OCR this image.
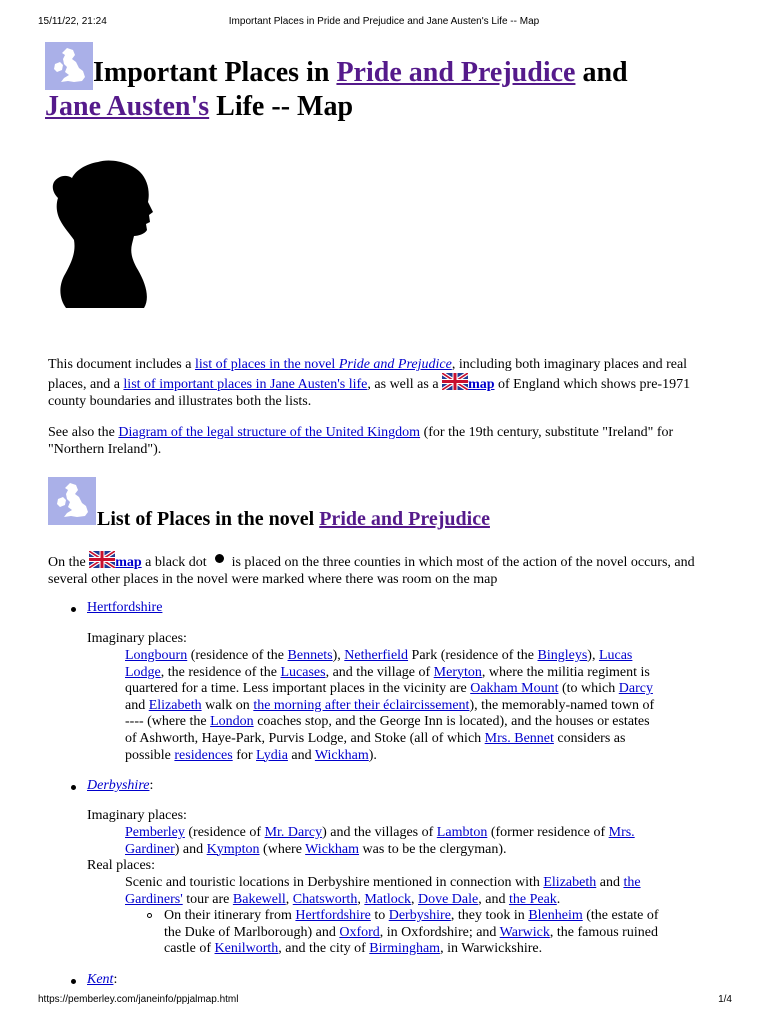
15/11/22, 21:24	Important Places in Pride and Prejudice and Jane Austen's Life -- Map
Important Places in Pride and Prejudice and
Jane Austen's Life -- Map

This document includes a list of places in the novel Pride and Prejudice, including both imaginary places and real places, and a list of important places in Jane Austen's life, as well as a
map of England which shows pre-1971 county boundaries and illustrates both the lists.

See also the Diagram of the legal structure of the United Kingdom (for the 19th century, substitute "Ireland" for "Northern Ireland").

List of Places in the novel Pride and Prejudice

On the
map a black dot  is placed on the three counties in which most of the action of the novel occurs, and several other places in the novel were marked where there was room on the map

Hertfordshire

Imaginary places:

Longbourn (residence of the Bennets), Netherfield Park (residence of the Bingleys), Lucas
Lodge, the residence of the Lucases, and the village of Meryton, where the militia regiment is
quartered for a time. Less important places in the vicinity are Oakham Mount (to which Darcy
and Elizabeth walk on the morning after their éclaircissement), the memorably-named town of
---- (where the London coaches stop, and the George Inn is located), and the houses or estates
of Ashworth, Haye-Park, Purvis Lodge, and Stoke (all of which Mrs. Bennet considers as
possible residences for Lydia and Wickham).

Derbyshire:

Imaginary places:

Pemberley (residence of Mr. Darcy) and the villages of Lambton (former residence of Mrs.
Gardiner) and Kympton (where Wickham was to be the clergyman).

Real places:

Scenic and touristic locations in Derbyshire mentioned in connection with Elizabeth and the
Gardiners' tour are Bakewell, Chatsworth, Matlock, Dove Dale, and the Peak.
On their itinerary from Hertfordshire to Derbyshire, they took in Blenheim (the estate of
the Duke of Marlborough) and Oxford, in Oxfordshire; and Warwick, the famous ruined
castle of Kenilworth, and the city of Birmingham, in Warwickshire.

Kent:

https://pemberley.com/janeinfo/ppjalmap.html	1/4
